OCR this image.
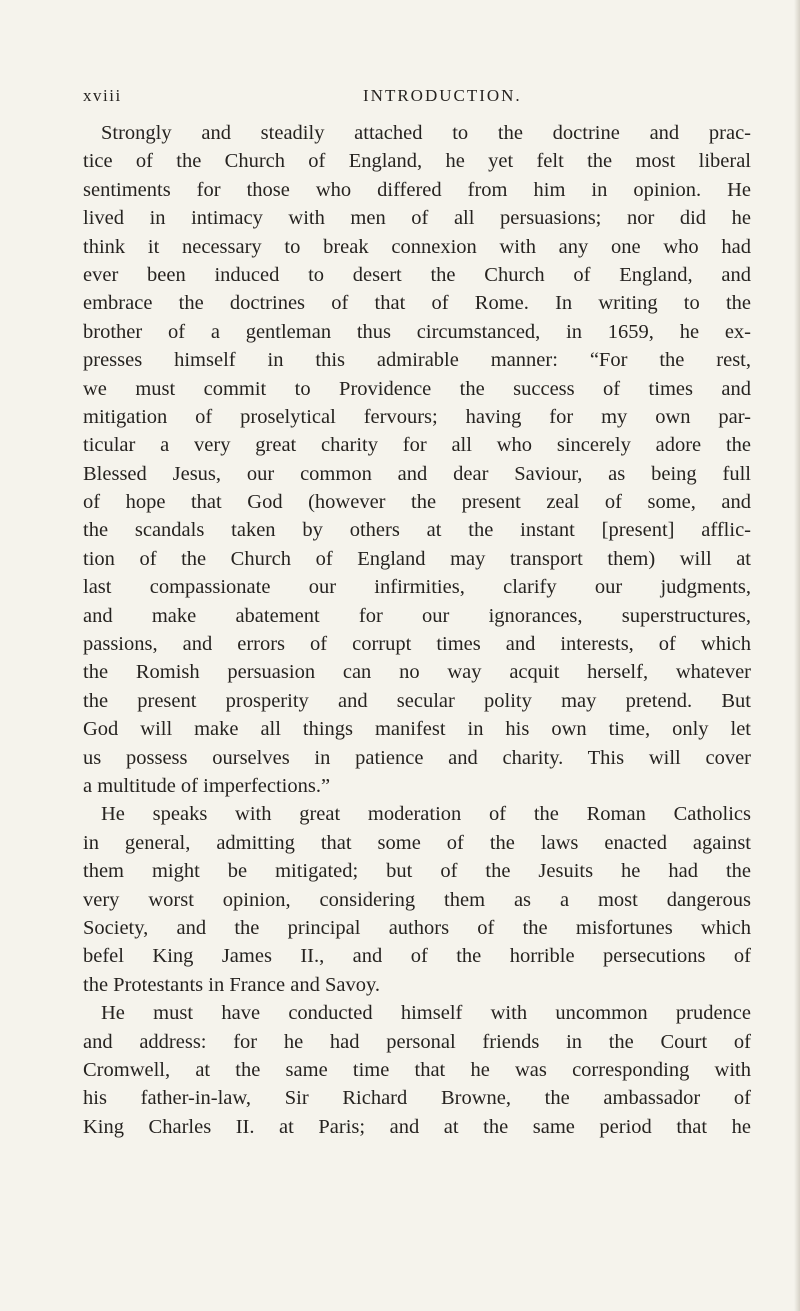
xviii	INTRODUCTION.
Strongly and steadily attached to the doctrine and prac-
tice of the Church of England, he yet felt the most liberal
sentiments for those who differed from him in opinion. He
lived in intimacy with men of all persuasions; nor did he
think it necessary to break connexion with any one who had
ever been induced to desert the Church of England, and
embrace the doctrines of that of Rome. In writing to the
brother of a gentleman thus circumstanced, in 1659, he ex-
presses himself in this admirable manner: “For the rest,
we must commit to Providence the success of times and
mitigation of proselytical fervours; having for my own par-
ticular a very great charity for all who sincerely adore the
Blessed Jesus, our common and dear Saviour, as being full
of hope that God (however the present zeal of some, and
the scandals taken by others at the instant [present] afflic-
tion of the Church of England may transport them) will at
last compassionate our infirmities, clarify our judgments,
and make abatement for our ignorances, superstructures,
passions, and errors of corrupt times and interests, of which
the Romish persuasion can no way acquit herself, whatever
the present prosperity and secular polity may pretend. But
God will make all things manifest in his own time, only let
us possess ourselves in patience and charity. This will cover
a multitude of imperfections.”
He speaks with great moderation of the Roman Catholics
in general, admitting that some of the laws enacted against
them might be mitigated; but of the Jesuits he had the
very worst opinion, considering them as a most dangerous
Society, and the principal authors of the misfortunes which
befel King James II., and of the horrible persecutions of
the Protestants in France and Savoy.
He must have conducted himself with uncommon prudence
and address: for he had personal friends in the Court of
Cromwell, at the same time that he was corresponding with
his father-in-law, Sir Richard Browne, the ambassador of
King Charles II. at Paris; and at the same period that he
